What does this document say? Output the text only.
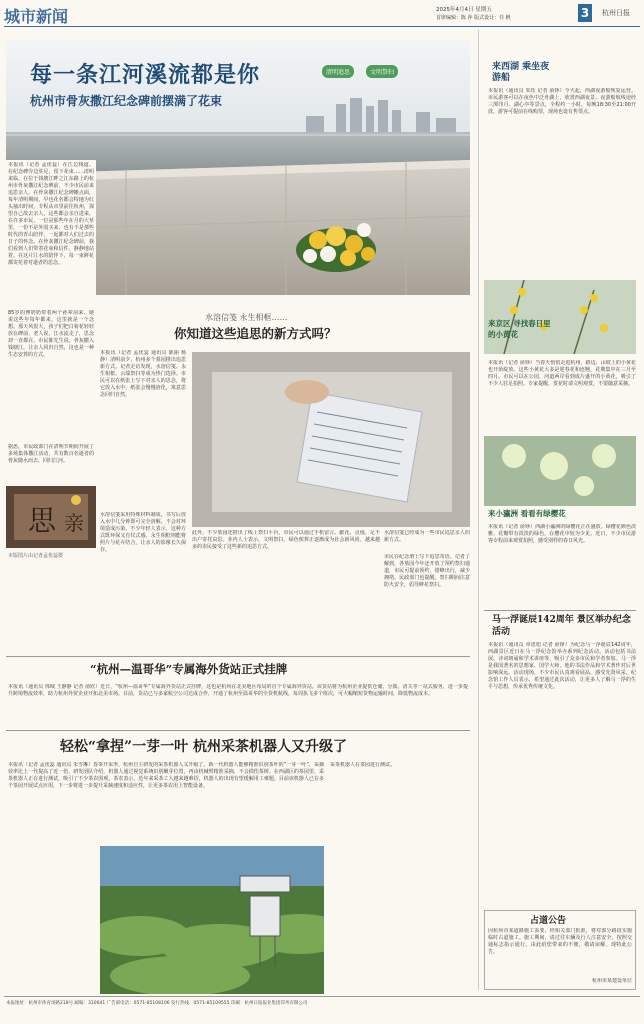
城市新闻	2025年4月4日 星期五
首席编辑：陈 萍 版式设计：任 帆	3	杭州日报
每一条江河溪流都是你	清明追思	文明祭扫
杭州市骨灰撒江纪念碑前摆满了花束
本报讯（记者 孟优蕊）在江边栈道、在纪念碑旁边驻足，留下花束……清明来临，在位于钱塘江畔之江东路上的杭州市骨灰撒江纪念碑前，不少市民前来追思亲人。在骨灰撒江纪念碑摊点面，每年清明期间，早也花名都会特地为红头抽出时间，专程从市里前往杭州，探望自己故去亲人，这些都会亲自进来，在许多市民，一位是那些年在月的大草里，一份不是外国买来，也有不是那些时代的青山陪伴，一起都对人们过去的日子的怀念。在骨灰撒江纪念碑前，我们看到人们带着花束和信件，静静地站着。在这片江水的陪伴下，每一束鲜花都寄托着对逝者的思念。
85岁的傅奶奶带着两个孙辈前来，她说这些年每年都来，这里就是一个念想。那天风很大，孩子们把白菊花轻轻放在碑前，老人说，江水流走了，思念却一直都在。市民陈先生说，骨灰撒入钱塘江，让亲人回归自然，这也是一种生态安葬的方式。
据悉，市民政部门在清明节期间开展了多场集体撒江活动，共有数百名逝者的骨灰随水而去，回归江河。
思 亲
本版图片由记者孟优蕊摄
水溶信笺 永生相框……
你知道这些追思的新方式吗？
本报讯（记者 孟优蕊 通讯员 陈丽 杨静）清明前夕，杭州多个墓园推出追思新方式。记者走访发现，水溶信笺、永生相框、云端祭扫等成为热门选择。市民可以在纸张上写下对亲人的思念，将它放入水中，纸张会慢慢溶化，寓意思念回归自然。
水溶信笺采用特殊材料制成，书写后放入水中几分钟即可完全溶解，不会对环境造成污染。不少年轻人表示，这种方式既环保又有仪式感。永生相框则能将照片与花卉结合，让亲人的影像长久保存。
水溶信笺已经成为一些市民追思亲人的新方式。
此外，不少墓园还推出了线上祭扫平台，市民可以通过手机留言、献花、点烛，足不出户寄托哀思。业内人士表示，文明祭扫、绿色殡葬正逐渐成为社会新风尚，越来越多的市民接受了这些新的追思方式。
市民在纪念册上写下追思寄语。记者了解到，各墓园今年还开放了预约祭扫通道，市民可提前预约，错峰出行，减少拥堵。民政部门也提醒，祭扫期间注意防火安全，倡导鲜花祭扫。
“杭州—温哥华”专属海外货站正式挂牌
本报讯（通讯员 邢城 王静静 记者 俞欣）近日，“杭州—温哥华”专属海外货站正式挂牌，这也是杭州在北美地区布局的首个专属海外货站。该货站将为杭州企业提供仓储、分拨、清关等一站式服务，进一步提升跨境物流效率，助力杭州外贸企业开拓北美市场。目前，货站已与多家航空公司达成合作，开通了杭州至温哥华的全货机航线，每周执飞多个班次，可大幅缩短货物运输时间，降低物流成本。
轻松“拿捏”一芽一叶 杭州采茶机器人又升级了
本报讯（记者 孟优蕊 通讯员 朱雪琳）春茶开采季，杭州自主研发的采茶机器人又升级了。新一代机器人能够精准识别茶叶的“一芽一叶”，采摘效率比上一代提高了近一倍。研发团队介绍，机器人通过视觉系统识别嫩芽位置，再由机械臂精准采摘，不会损伤茶树。在西湖区的茶园里，采茶机器人正在进行测试，吸引了不少茶农围观。茶农表示，近年来采茶工人越来越难招，机器人的出现有望缓解用工难题。目前该机器人已在多个茶园开展试点应用，下一步将进一步提升采摘速度和适应性，让更多茶农用上智能设备。
采茶机器人在茶园进行测试。
来西湖 乘坐夜游船
本报讯（通讯员 朱钰 记者 俞铮）今天起，西湖夜游船恢复运营。市民游客可以在夜色中泛舟湖上，欣赏西湖夜景。夜游船航线途经三潭印月、湖心亭等景点，全程约一小时。每晚18:30至21:00开放，游客可提前在线购票，现场也设有售票点。
来京区 寻找春日里的小黄花
本报讯（记者 俞铮）当春天悄悄走进杭州，路边、山坡上的小黄花也开始绽放。这些小黄花大多是迎春花和连翘，花期集中在三月至四月。市民可以在公园、河道两岸看到成片盛开的小黄花，吸引了不少人驻足拍照。专家提醒，赏花时请文明观赏，不要随意采摘。
来小瀛洲 看看有绿樱花
本报讯（记者 俞铮）西湖小瀛洲的绿樱花正在盛放。绿樱花颜色淡雅，花瓣带有淡淡的绿色，在樱花中较为少见。近日，不少市民游客专程前来观赏拍照，感受别样的春日风光。
马一浮诞辰142周年 景区举办纪念活动
本报讯（通讯员 章恩旭 记者 俞铮）为纪念马一浮诞辰142周年，西湖景区近日在马一浮纪念馆举办系列纪念活动。活动包括书法展、诗词朗诵和学术讲座等，吸引了众多市民和学者参加。马一浮是我国著名的思想家、国学大师，他的书法作品和学术著作对后世影响深远。活动现场，不少市民认真观看展品，感受先贤风采。纪念馆工作人员表示，希望通过此次活动，让更多人了解马一浮的生平与思想，传承优秀传统文化。
占道公告
因杭州市某道路施工需要，经相关部门批准，将对部分路段实施临时占道施工。施工期间，请过往车辆及行人注意安全，按照交通标志指示通行。由此给您带来的不便，敬请谅解。现特此公告。
杭州市某建设单位
本报地址：杭州市体育场路218号 邮编：310041 广告部电话：0571-85108106 发行热线：0571-85109555 印刷：杭州日报报业集团印务有限公司
